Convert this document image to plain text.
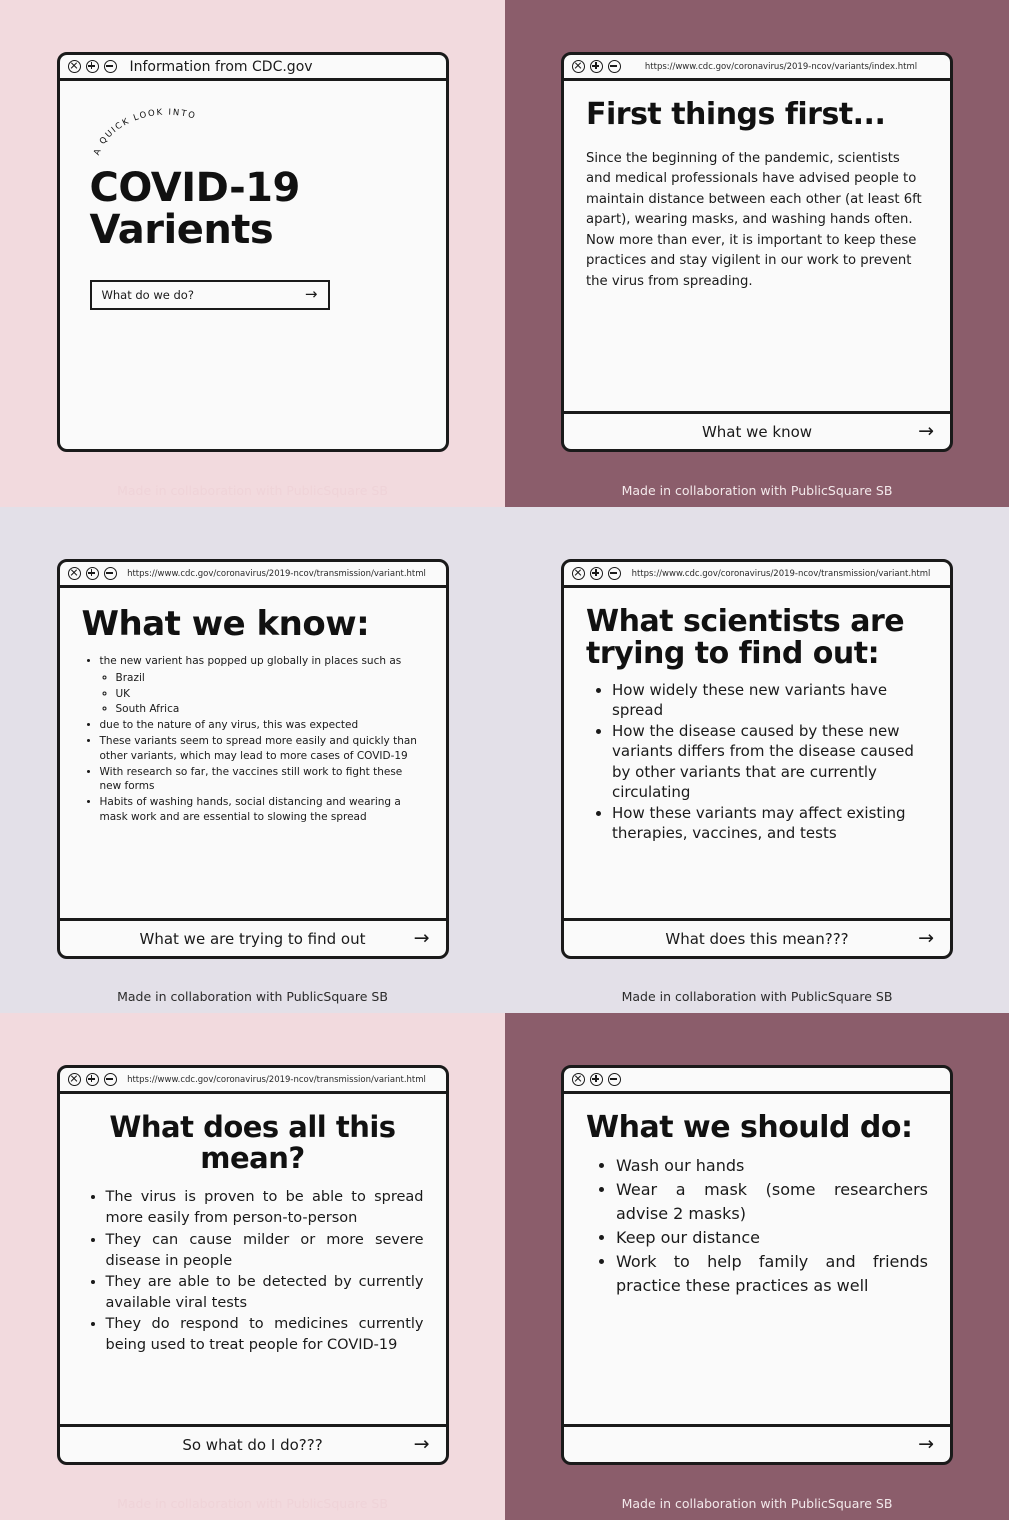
Information from CDC.gov
A QUICK LOOK INTO
COVID-19 Varients
What do we do?	→
Made in collaboration with PublicSquare SB
https://www.cdc.gov/coronavirus/2019-ncov/variants/index.html
First things first...

Since the beginning of the pandemic, scientists and medical professionals have advised people to maintain distance between each other (at least 6ft apart), wearing masks, and washing hands often. Now more than ever, it is important to keep these practices and stay vigilent in our work to prevent the virus from spreading.

What we know	→
Made in collaboration with PublicSquare SB
https://www.cdc.gov/coronavirus/2019-ncov/transmission/variant.html
What we know:
• the new varient has popped up globally in places such as
◦ Brazil
◦ UK
◦ South Africa
• due to the nature of any virus, this was expected
• These variants seem to spread more easily and quickly than other variants, which may lead to more cases of COVID-19
• With research so far, the vaccines still work to fight these new forms
• Habits of washing hands, social distancing and wearing a mask work and are essential to slowing the spread
What we are trying to find out	→
Made in collaboration with PublicSquare SB
https://www.cdc.gov/coronavirus/2019-ncov/transmission/variant.html
What scientists are trying to find out:
• How widely these new variants have spread
• How the disease caused by these new variants differs from the disease caused by other variants that are currently circulating
• How these variants may affect existing therapies, vaccines, and tests
What does this mean???	→
Made in collaboration with PublicSquare SB
https://www.cdc.gov/coronavirus/2019-ncov/transmission/variant.html
What does all this mean?
• The virus is proven to be able to spread more easily from person-to-person
• They can cause milder or more severe disease in people
• They are able to be detected by currently available viral tests
• They do respond to medicines currently being used to treat people for COVID-19
So what do I do???	→
Made in collaboration with PublicSquare SB
What we should do:
• Wash our hands
• Wear a mask (some researchers advise 2 masks)
• Keep our distance
• Work to help family and friends practice these practices as well
→
Made in collaboration with PublicSquare SB
